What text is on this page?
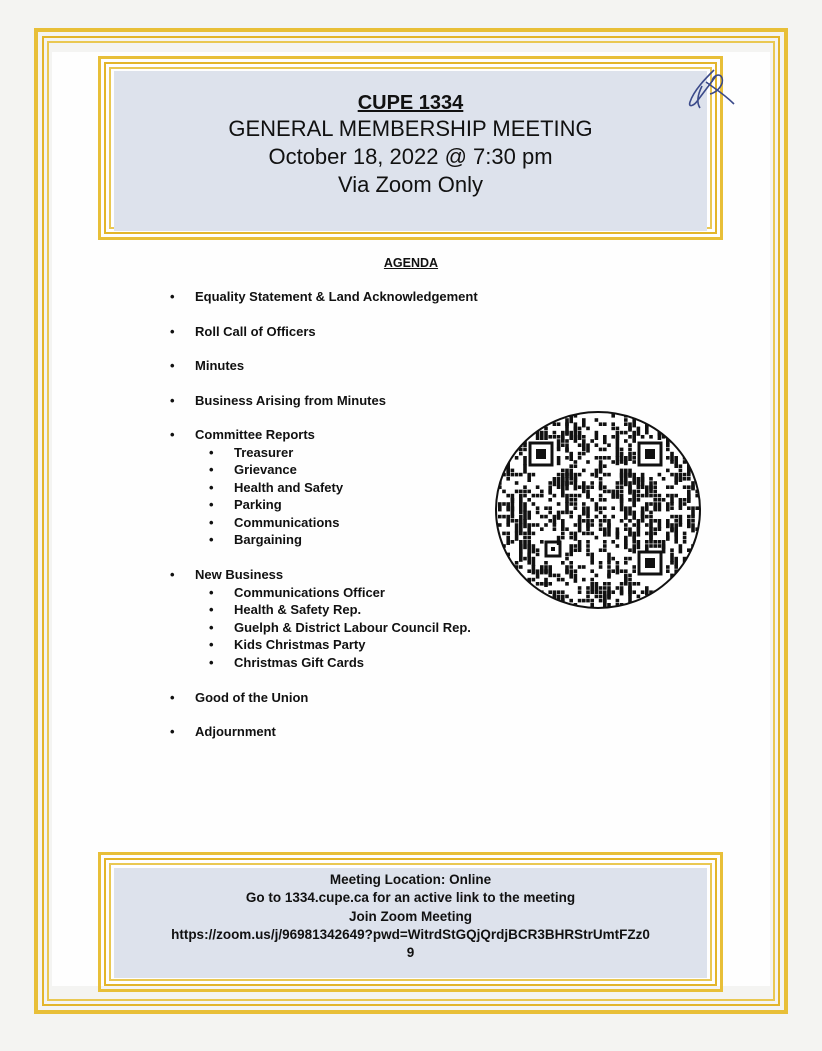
CUPE 1334
GENERAL MEMBERSHIP MEETING
October 18, 2022 @ 7:30 pm
Via Zoom Only
AGENDA
• Equality Statement & Land Acknowledgement
• Roll Call of Officers
• Minutes
• Business Arising from Minutes
• Committee Reports
• Treasurer
• Grievance
• Health and Safety
• Parking
• Communications
• Bargaining
• New Business
• Communications Officer
• Health & Safety Rep.
• Guelph & District Labour Council Rep.
• Kids Christmas Party
• Christmas Gift Cards
• Good of the Union
• Adjournment
Meeting Location: Online
Go to 1334.cupe.ca for an active link to the meeting
Join Zoom Meeting
https://zoom.us/j/96981342649?pwd=WitrdStGQjQrdjBCR3BHRStrUmtFZz0
9
